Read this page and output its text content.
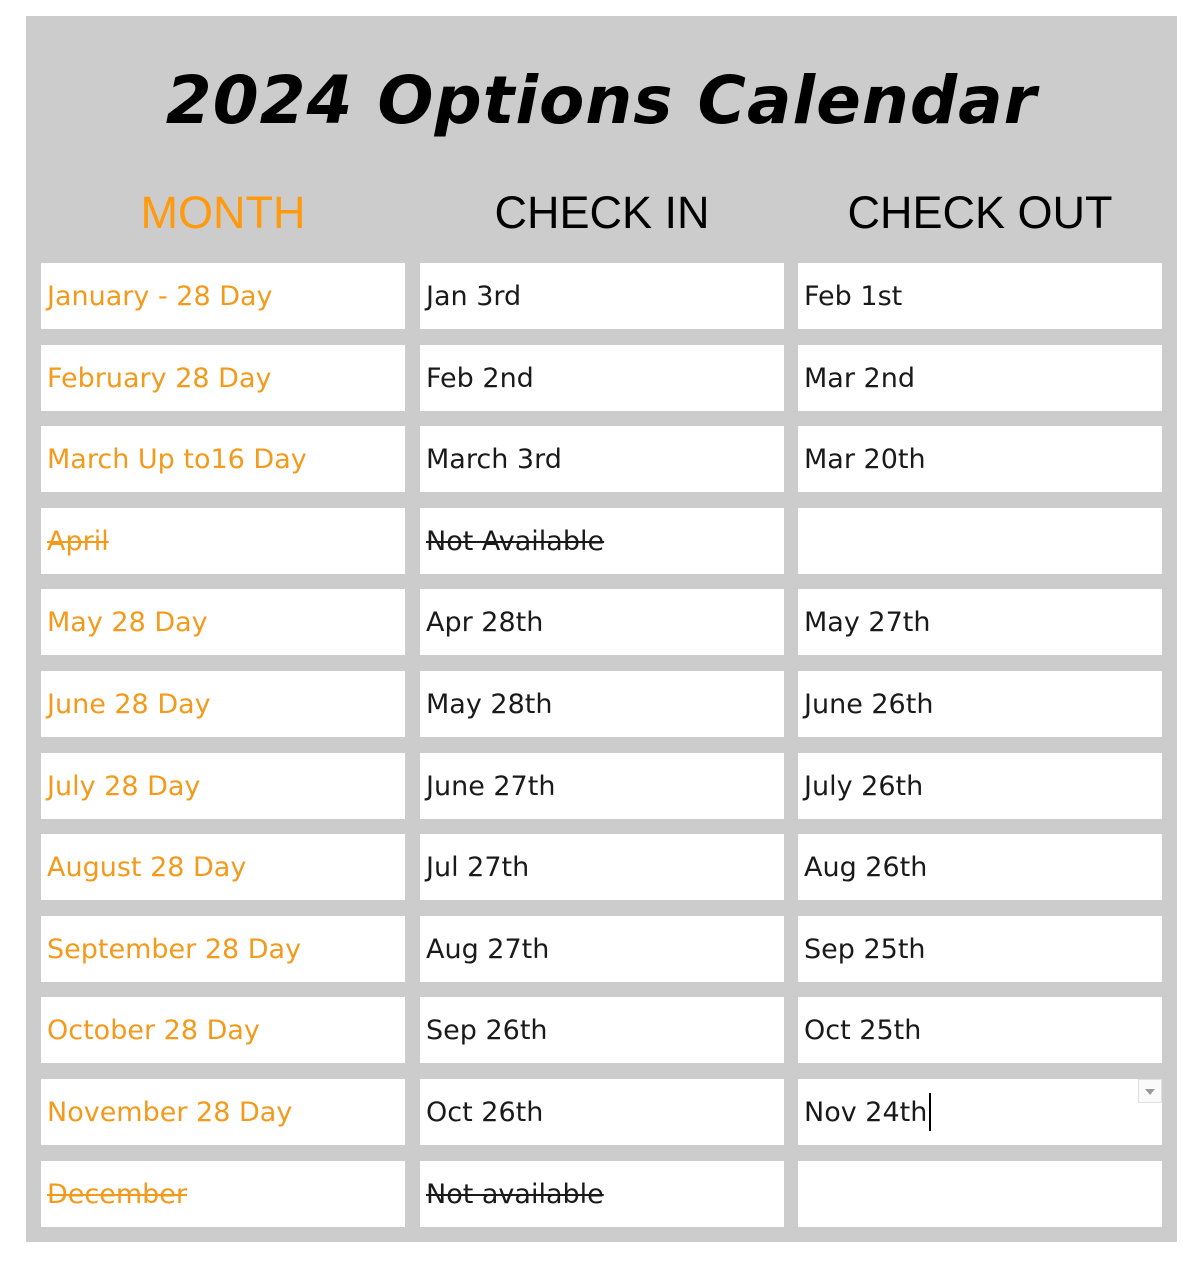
2024 Options Calendar
MONTH	CHECK IN	CHECK OUT
January - 28 Day	Jan 3rd	Feb 1st
February 28 Day	Feb 2nd	Mar 2nd
March Up to16 Day	March 3rd	Mar 20th
April	Not Available
May 28 Day	Apr 28th	May 27th
June 28 Day	May 28th	June 26th
July 28 Day	June 27th	July 26th
August 28 Day	Jul 27th	Aug 26th
September 28 Day	Aug 27th	Sep 25th
October 28 Day	Sep 26th	Oct 25th
November 28 Day	Oct 26th	Nov 24th
December	Not available
